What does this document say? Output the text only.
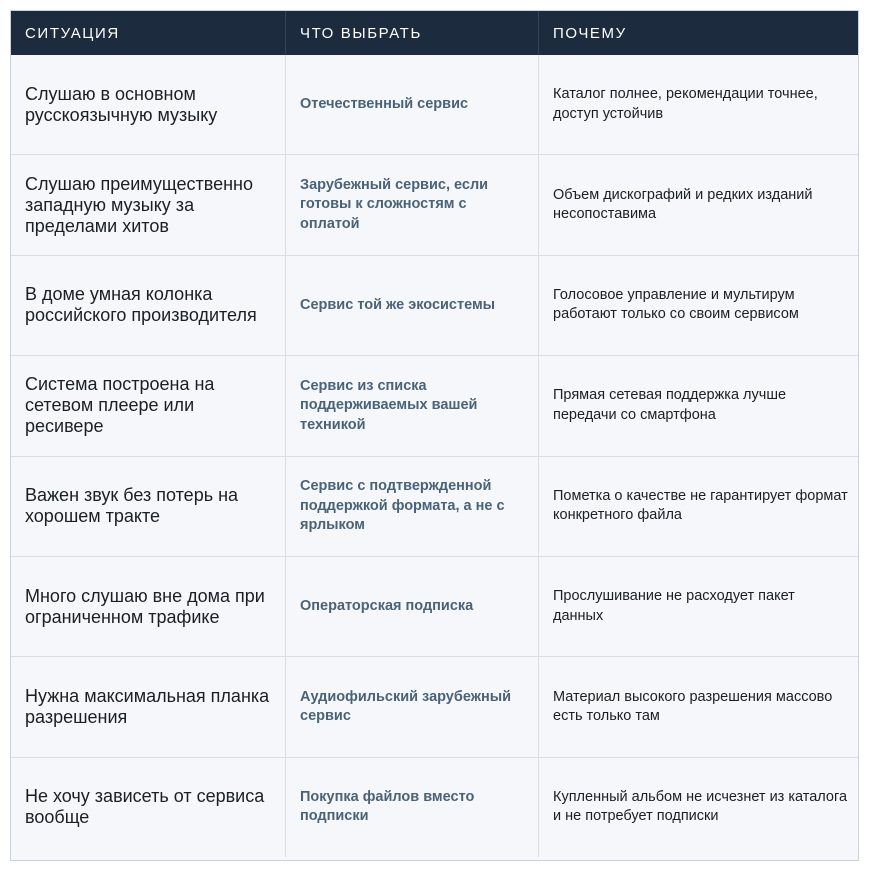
СИТУАЦИЯ	ЧТО ВЫБРАТЬ	ПОЧЕМУ
Слушаю в основном русскоязычную музыку
Отечественный сервис
Каталог полнее, рекомендации точнее, доступ устойчив
Слушаю преимущественно западную музыку за пределами хитов
Зарубежный сервис, если готовы к сложностям с оплатой
Объем дискографий и редких изданий несопоставима
В доме умная колонка российского производителя
Сервис той же экосистемы
Голосовое управление и мультирум работают только со своим сервисом
Система построена на сетевом плеере или ресивере
Сервис из списка поддерживаемых вашей техникой
Прямая сетевая поддержка лучше передачи со смартфона
Важен звук без потерь на хорошем тракте
Сервис с подтвержденной поддержкой формата, а не с ярлыком
Пометка о качестве не гарантирует формат конкретного файла
Много слушаю вне дома при ограниченном трафике
Операторская подписка
Прослушивание не расходует пакет данных
Нужна максимальная планка разрешения
Аудиофильский зарубежный сервис
Материал высокого разрешения массово есть только там
Не хочу зависеть от сервиса вообще
Покупка файлов вместо подписки
Купленный альбом не исчезнет из каталога и не потребует подписки
